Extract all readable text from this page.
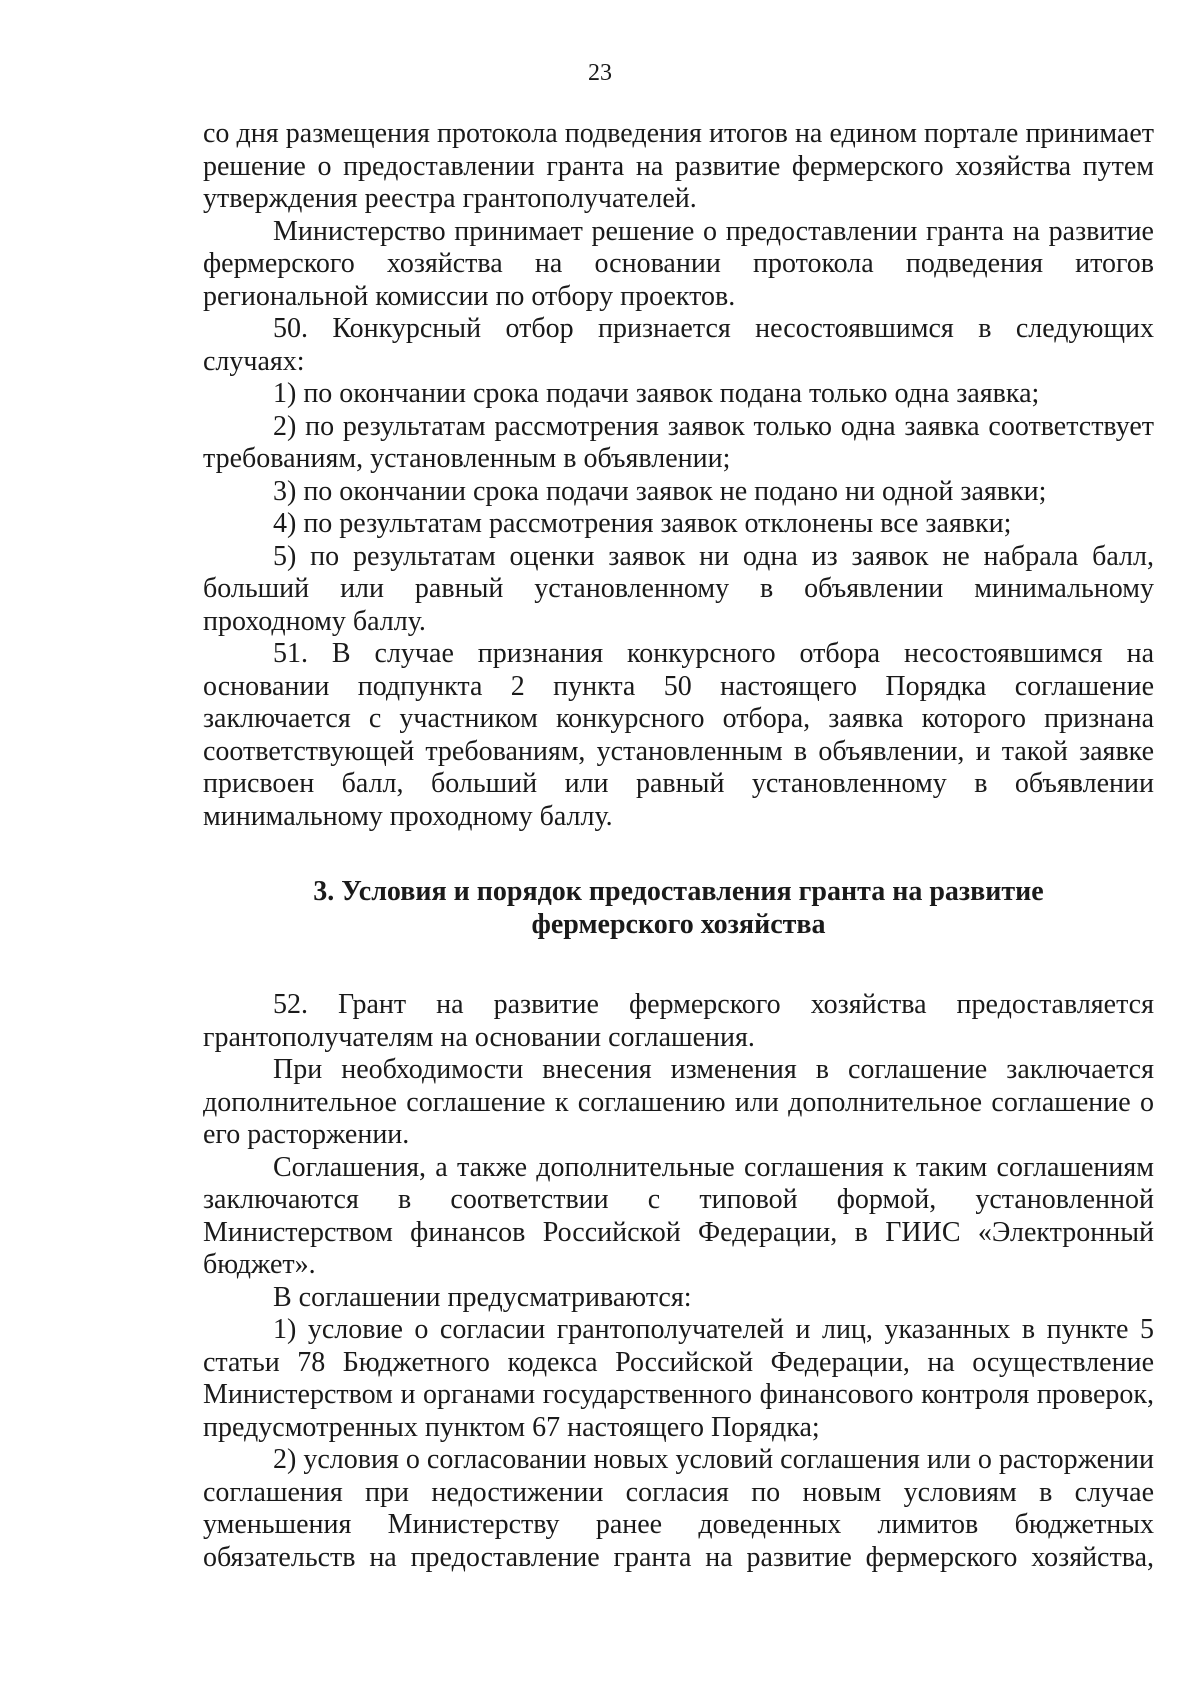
23

со дня размещения протокола подведения итогов на едином портале принимает решение о предоставлении гранта на развитие фермерского хозяйства путем утверждения реестра грантополучателей.

Министерство принимает решение о предоставлении гранта на развитие фермерского хозяйства на основании протокола подведения итогов региональной комиссии по отбору проектов.

50. Конкурсный отбор признается несостоявшимся в следующих случаях:

1) по окончании срока подачи заявок подана только одна заявка;

2) по результатам рассмотрения заявок только одна заявка соответствует требованиям, установленным в объявлении;

3) по окончании срока подачи заявок не подано ни одной заявки;

4) по результатам рассмотрения заявок отклонены все заявки;

5) по результатам оценки заявок ни одна из заявок не набрала балл, больший или равный установленному в объявлении минимальному проходному баллу.

51. В случае признания конкурсного отбора несостоявшимся на основании подпункта 2 пункта 50 настоящего Порядка соглашение заключается с участником конкурсного отбора, заявка которого признана соответствующей требованиям, установленным в объявлении, и такой заявке присвоен балл, больший или равный установленному в объявлении минимальному проходному баллу.

3. Условия и порядок предоставления гранта на развитие
фермерского хозяйства

52. Грант на развитие фермерского хозяйства предоставляется грантополучателям на основании соглашения.

При необходимости внесения изменения в соглашение заключается дополнительное соглашение к соглашению или дополнительное соглашение о его расторжении.

Соглашения, а также дополнительные соглашения к таким соглашениям заключаются в соответствии с типовой формой, установленной Министерством финансов Российской Федерации, в ГИИС «Электронный бюджет».

В соглашении предусматриваются:

1) условие о согласии грантополучателей и лиц, указанных в пункте 5 статьи 78 Бюджетного кодекса Российской Федерации, на осуществление Министерством и органами государственного финансового контроля проверок, предусмотренных пунктом 67 настоящего Порядка;

2) условия о согласовании новых условий соглашения или о расторжении соглашения при недостижении согласия по новым условиям в случае уменьшения Министерству ранее доведенных лимитов бюджетных обязательств на предоставление гранта на развитие фермерского хозяйства,
